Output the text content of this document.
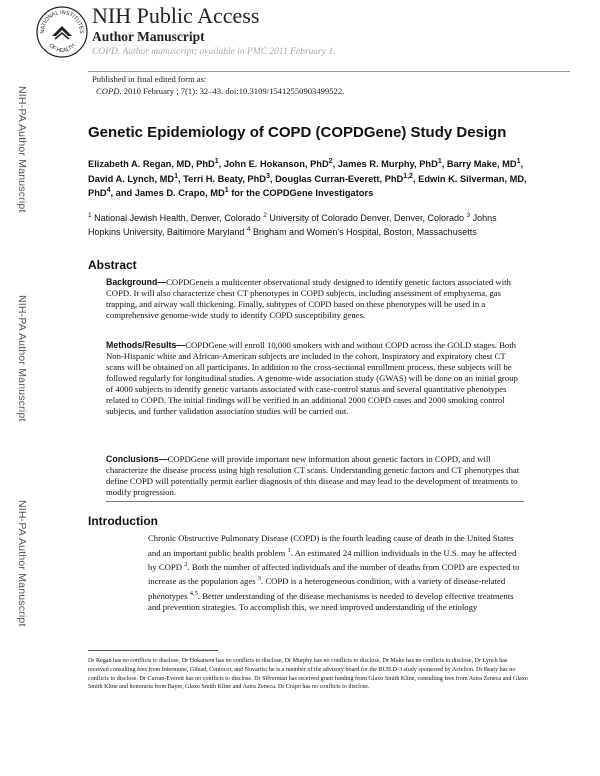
NATIONAL INSTITUTES
OF HEALTH
NIH Public Access
Author Manuscript
COPD. Author manuscript; available in PMC 2011 February 1.
Published in final edited form as:
COPD. 2010 February ; 7(1): 32–43. doi:10.3109/15412550903499522.
NIH-PA Author Manuscript
NIH-PA Author Manuscript
NIH-PA Author Manuscript
Genetic Epidemiology of COPD (COPDGene) Study Design
Elizabeth A. Regan, MD, PhD$^1$, John E. Hokanson, PhD$^2$, James R. Murphy, PhD$^1$, Barry Make, $MD^1$, David A. Lynch, $MD^1$, Terri H. Beaty, PhD$^3$, Douglas Curran-Everett, PhD$^{1,2}$, Edwin K. Silverman, MD, PhD$^4$, and James D. Crapo, $MD^1$ for the COPDGene Investigators
$^1$ National Jewish Health, Denver, Colorado $^2$ University of Colorado Denver, Denver, Colorado $^3$ Johns Hopkins University, Baltimore Maryland $^4$ Brigham and Women's Hospital, Boston, Massachusetts
Abstract
Background—COPDGeneis a multicenter observational study designed to identify genetic factors associated with COPD. It will also characterize chest CT phenotypes in COPD subjects, including assessment of emphysema, gas trapping, and airway wall thickening. Finally, subtypes of COPD based on these phenotypes will be used in a comprehensive genome-wide study to identify COPD susceptibility genes.
Methods/Results—COPDGene will enroll 10,000 smokers with and without COPD across the GOLD stages. Both Non-Hispanic white and African-American subjects are included in the cohort. Inspiratory and expiratory chest CT scans will be obtained on all participants. In addition to the cross-sectional enrollment process, these subjects will be followed regularly for longitudinal studies. A genome-wide association study (GWAS) will be done on an initial group of 4000 subjects to identify genetic variants associated with case-control status and several quantitative phenotypes related to COPD. The initial findings will be verified in an additional 2000 COPD cases and 2000 smoking control subjects, and further validation association studies will be carried out.
Conclusions—COPDGene will provide important new information about genetic factors in COPD, and will characterize the disease process using high resolution CT scans. Understanding genetic factors and CT phenotypes that define COPD will potentially permit earlier diagnosis of this disease and may lead to the development of treatments to modify progression.
Introduction
Chronic Obstructive Pulmonary Disease (COPD) is the fourth leading cause of death in the United States and an important public health problem $^1$. An estimated 24 million individuals in the U.S. may be affected by COPD $^2$. Both the number of affected individuals and the number of deaths from COPD are expected to increase as the population ages $^3$. COPD is a heterogeneous condition, with a variety of disease-related phenotypes $^{4,5}$. Better understanding of the disease mechanisms is needed to develop effective treatments and prevention strategies. To accomplish this, we need improved understanding of the etiology
Dr Regan has no conflicts to disclose, Dr Hokanson has no conflicts to disclose, Dr Murphy has no conflicts to disclose, Dr Make has no conflicts to disclose, Dr Lynch has received consulting fees from Intermune, Gilead, Centocor, and Novartis; he is a member of the advisory board for the BUILD-3 study sponsored by Actelion. Dr Beaty has no conflicts to disclose. Dr Curran-Everett has no conflicts to disclose. Dr Silverman has received grant funding from Glaxo Smith Kline, consulting fees from Astra Zeneca and Glaxo Smith Kline and honoraria from Bayer, Glaxo Smith Kline and Astra Zeneca. Dr Crapo has no conflicts to disclose.
